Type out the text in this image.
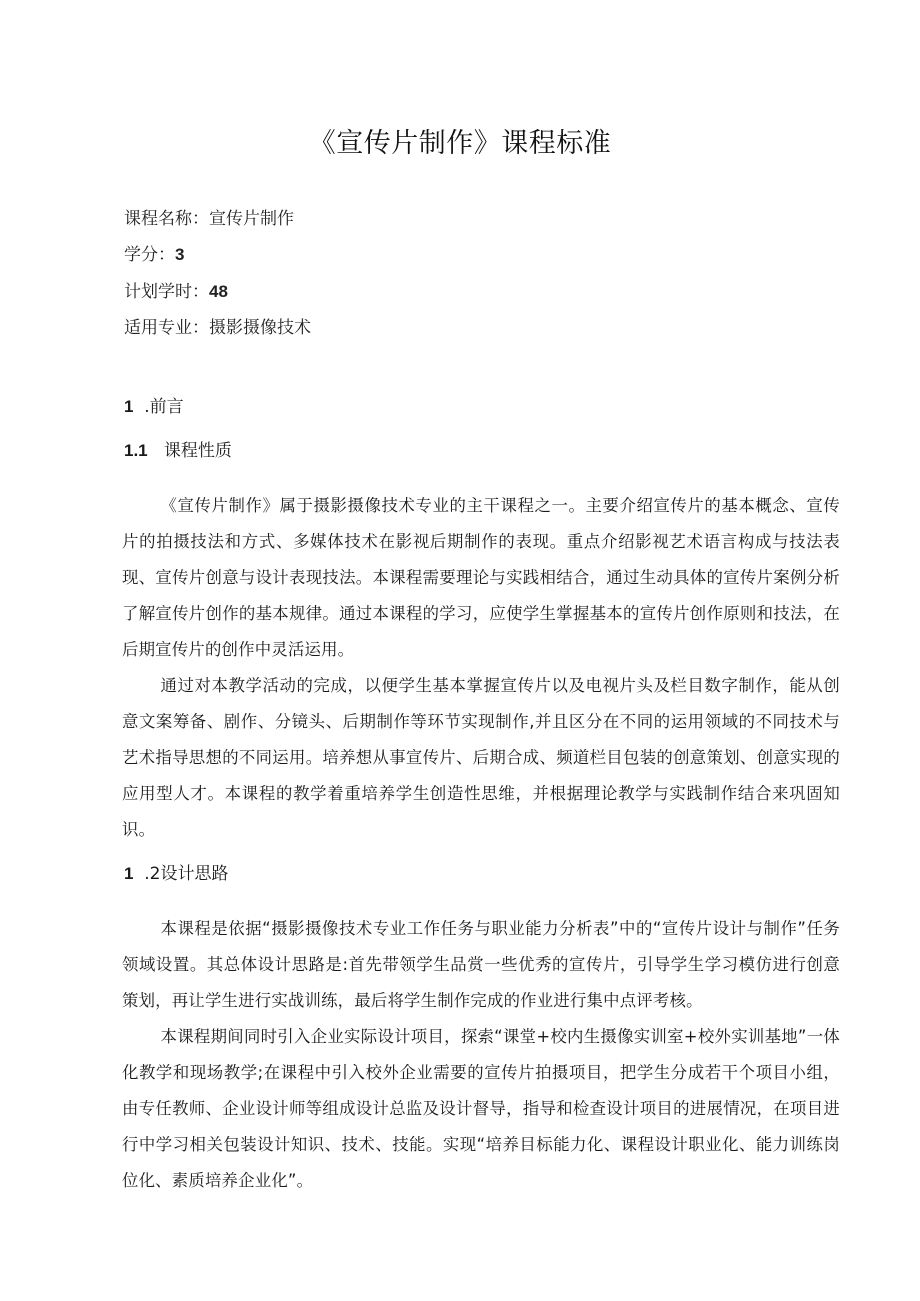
《宣传片制作》课程标准
课程名称：宣传片制作
学分：3
计划学时：48
适用专业：摄影摄像技术
1 .前言
1.1 课程性质

《宣传片制作》属于摄影摄像技术专业的主干课程之一。主要介绍宣传片的基本概念、宣传片的拍摄技法和方式、多媒体技术在影视后期制作的表现。重点介绍影视艺术语言构成与技法表现、宣传片创意与设计表现技法。本课程需要理论与实践相结合，通过生动具体的宣传片案例分析了解宣传片创作的基本规律。通过本课程的学习，应使学生掌握基本的宣传片创作原则和技法，在后期宣传片的创作中灵活运用。

通过对本教学活动的完成，以便学生基本掌握宣传片以及电视片头及栏目数字制作，能从创意文案筹备、剧作、分镜头、后期制作等环节实现制作,并且区分在不同的运用领域的不同技术与艺术指导思想的不同运用。培养想从事宣传片、后期合成、频道栏目包装的创意策划、创意实现的应用型人才。本课程的教学着重培养学生创造性思维，并根据理论教学与实践制作结合来巩固知识。

1 .2设计思路

本课程是依据“摄影摄像技术专业工作任务与职业能力分析表”中的“宣传片设计与制作”任务领域设置。其总体设计思路是:首先带领学生品赏一些优秀的宣传片，引导学生学习模仿进行创意策划，再让学生进行实战训练，最后将学生制作完成的作业进行集中点评考核。

本课程期间同时引入企业实际设计项目，探索“课堂+校内生摄像实训室+校外实训基地”一体化教学和现场教学;在课程中引入校外企业需要的宣传片拍摄项目，把学生分成若干个项目小组，由专任教师、企业设计师等组成设计总监及设计督导，指导和检查设计项目的进展情况，在项目进行中学习相关包装设计知识、技术、技能。实现“培养目标能力化、课程设计职业化、能力训练岗位化、素质培养企业化”。
